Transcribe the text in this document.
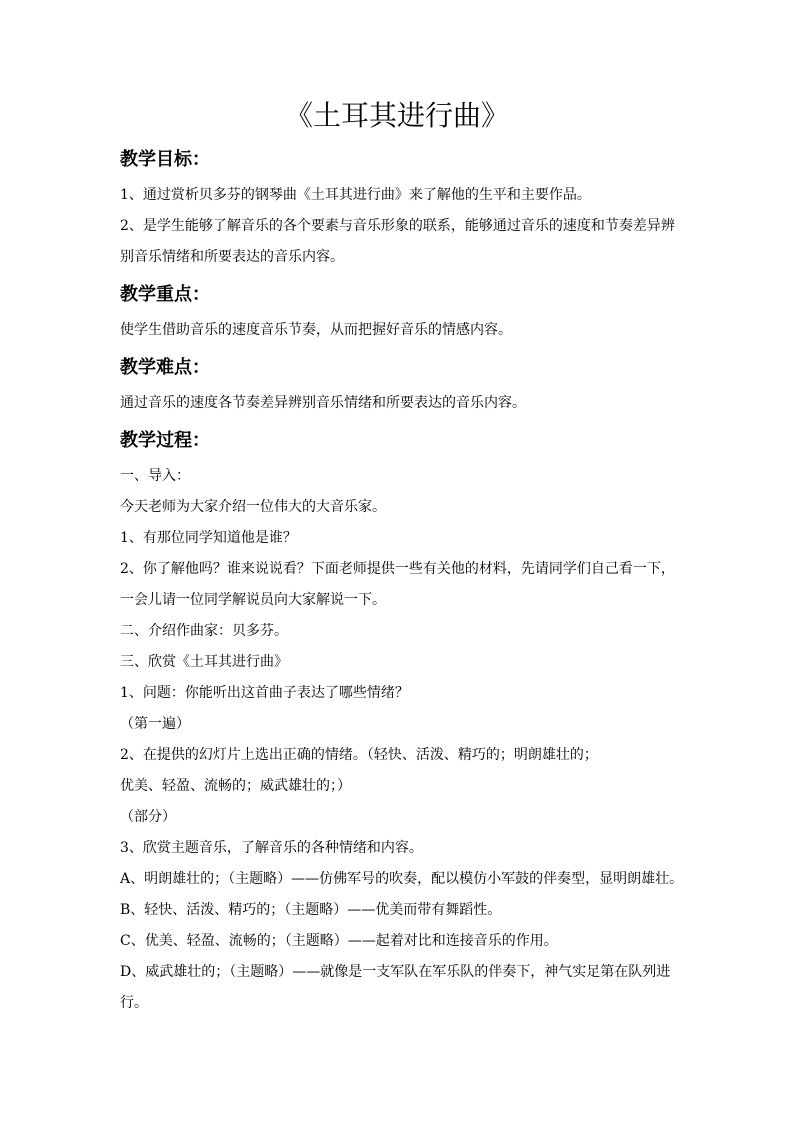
《土耳其进行曲》
教学目标：
1、通过赏析贝多芬的钢琴曲《土耳其进行曲》来了解他的生平和主要作品。
2、是学生能够了解音乐的各个要素与音乐形象的联系，能够通过音乐的速度和节奏差异辨
别音乐情绪和所要表达的音乐内容。
教学重点：
使学生借助音乐的速度音乐节奏，从而把握好音乐的情感内容。
教学难点：
通过音乐的速度各节奏差异辨别音乐情绪和所要表达的音乐内容。
教学过程：
一、导入：
今天老师为大家介绍一位伟大的大音乐家。
1、有那位同学知道他是谁？
2、你了解他吗？谁来说说看？下面老师提供一些有关他的材料，先请同学们自己看一下，
一会儿请一位同学解说员向大家解说一下。
二、介绍作曲家：贝多芬。
三、欣赏《土耳其进行曲》
1、问题：你能听出这首曲子表达了哪些情绪？
（第一遍）
2、在提供的幻灯片上选出正确的情绪。（轻快、活泼、精巧的；明朗雄壮的；
优美、轻盈、流畅的；威武雄壮的；）
（部分）
3、欣赏主题音乐，了解音乐的各种情绪和内容。
A、明朗雄壮的；（主题略）——仿佛军号的吹奏，配以模仿小军鼓的伴奏型，显明朗雄壮。
B、轻快、活泼、精巧的；（主题略）——优美而带有舞蹈性。
C、优美、轻盈、流畅的；（主题略）——起着对比和连接音乐的作用。
D、威武雄壮的；（主题略）——就像是一支军队在军乐队的伴奏下，神气实足第在队列进
行。
